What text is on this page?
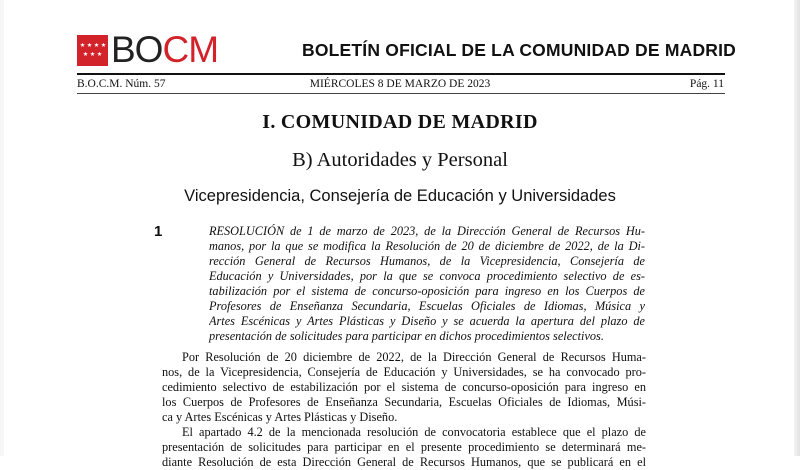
BOCM	BOLETÍN OFICIAL DE LA COMUNIDAD DE MADRID
MIÉRCOLES 8 DE MARZO DE 2023
B.O.C.M. Núm. 57	Pág. 11
I. COMUNIDAD DE MADRID
B) Autoridades y Personal
Vicepresidencia, Consejería de Educación y Universidades
1	RESOLUCIÓN de 1 de marzo de 2023, de la Dirección General de Recursos Hu-
manos, por la que se modifica la Resolución de 20 de diciembre de 2022, de la Di-
rección General de Recursos Humanos, de la Vicepresidencia, Consejería de
Educación y Universidades, por la que se convoca procedimiento selectivo de es-
tabilización por el sistema de concurso-oposición para ingreso en los Cuerpos de
Profesores de Enseñanza Secundaria, Escuelas Oficiales de Idiomas, Música y
Artes Escénicas y Artes Plásticas y Diseño y se acuerda la apertura del plazo de
presentación de solicitudes para participar en dichos procedimientos selectivos.
Por Resolución de 20 diciembre de 2022, de la Dirección General de Recursos Huma-
nos, de la Vicepresidencia, Consejería de Educación y Universidades, se ha convocado pro-
cedimiento selectivo de estabilización por el sistema de concurso-oposición para ingreso en
los Cuerpos de Profesores de Enseñanza Secundaria, Escuelas Oficiales de Idiomas, Músi-
ca y Artes Escénicas y Artes Plásticas y Diseño.
El apartado 4.2 de la mencionada resolución de convocatoria establece que el plazo de
presentación de solicitudes para participar en el presente procedimiento se determinará me-
diante Resolución de esta Dirección General de Recursos Humanos, que se publicará en el
